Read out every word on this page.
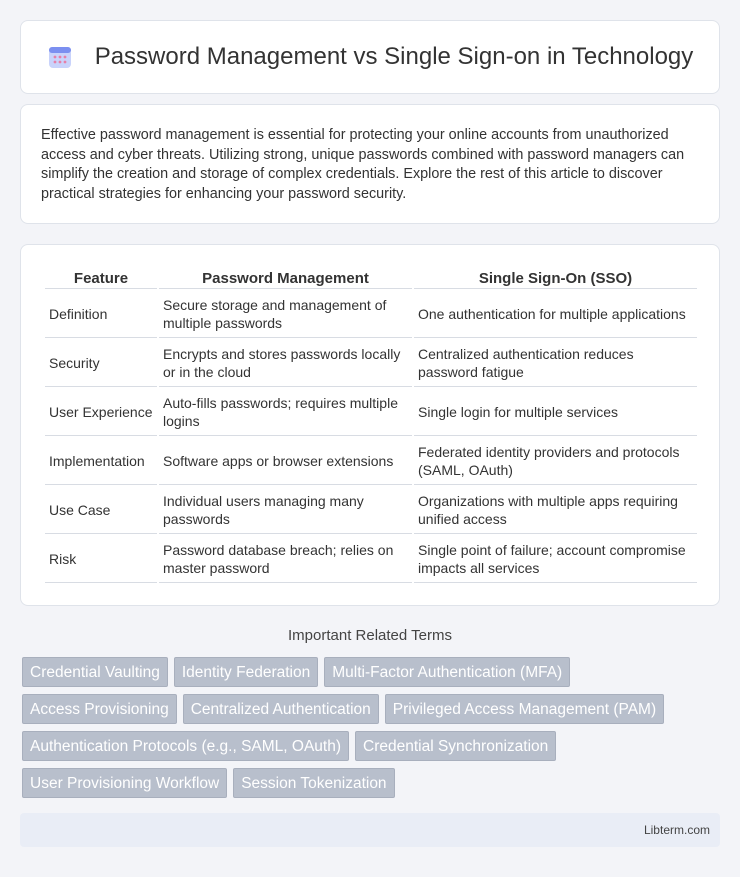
Password Management vs Single Sign-on in Technology

Effective password management is essential for protecting your online accounts from unauthorized access and cyber threats. Utilizing strong, unique passwords combined with password managers can simplify the creation and storage of complex credentials. Explore the rest of this article to discover practical strategies for enhancing your password security.

Feature	Password Management	Single Sign-On (SSO)
Definition	Secure storage and management of multiple passwords	One authentication for multiple applications
Security	Encrypts and stores passwords locally or in the cloud	Centralized authentication reduces password fatigue
User Experience	Auto-fills passwords; requires multiple logins	Single login for multiple services
Implementation	Software apps or browser extensions	Federated identity providers and protocols (SAML, OAuth)
Use Case	Individual users managing many passwords	Organizations with multiple apps requiring unified access
Risk	Password database breach; relies on master password	Single point of failure; account compromise impacts all services
Important Related Terms
Credential Vaulting	Identity Federation	Multi-Factor Authentication (MFA)
Access Provisioning	Centralized Authentication	Privileged Access Management (PAM)
Authentication Protocols (e.g., SAML, OAuth)	Credential Synchronization
User Provisioning Workflow	Session Tokenization
Libterm.com
